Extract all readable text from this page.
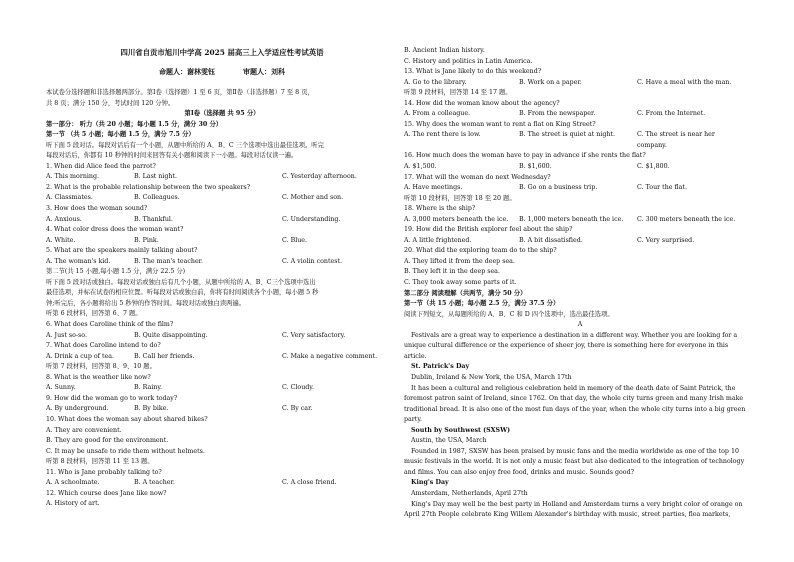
四川省自贡市旭川中学高 2025 届高三上入学适应性考试英语
命题人：谢林雯钰	审题人：刘科
本试卷分选择题和非选择题两部分。第Ⅰ卷（选择题）1 至 6 页，第Ⅱ卷（非选择题）7 至 8 页，
共 8 页；满分 150 分，考试时间 120 分钟。
第Ⅰ卷（选择题 共 95 分）
第一部分： 听力（共 20 小题；每小题 1.5 分，满分 30 分）
第一节 （共 5 小题；每小题 1.5 分，满分 7.5 分）
听下面 5 段对话。每段对话后有一个小题，从题中所给的 A、B、C 三个选项中选出最佳选项。听完
每段对话后，你都有 10 秒钟的时间来回答有关小题和阅读下一小题。每段对话仅读一遍。
1. When did Alice feed the parrot?
A. This morning.	B. Last night.	C. Yesterday afternoon.
2. What is the probable relationship between the two speakers?
A. Classmates.	B. Colleagues.	C. Mother and son.
3. How does the woman sound?
A. Anxious.	B. Thankful.	C. Understanding.
4. What color dress does the woman want?
A. White.	B. Pink.	C. Blue.
5. What are the speakers mainly talking about?
A. The woman's kid.	B. The man's teacher.	C. A violin contest.
第二节(共 15 小题,每小题 1.5 分，满分 22.5 分)
听下面 5 段对话或独白。每段对话或独白后有几个小题，从题中所给的 A、B、C三个选项中选出
最佳选项，并标在试卷的相应位置。听每段对话或独白前，你将有时间阅读各个小题，每小题 5 秒
钟;听完后，各小题将给出 5 秒钟的作答时间。每段对话或独白读两遍。
听第 6 段材料，回答第 6、7 题。
6. What does Caroline think of the film?
A. Just so-so.	B. Quite disappointing.	C. Very satisfactory.
7. What does Caroline intend to do?
A. Drink a cup of tea.	B. Call her friends.	C. Make a negative comment.
听第 7 段材料，回答第 8、9、10 题。
8. What is the weather like now?
A. Sunny.	B. Rainy.	C. Cloudy.
9. How did the woman go to work today?
A. By underground.	B. By bike.	C. By car.
10. What does the woman say about shared bikes?
A. They are convenient.
B. They are good for the environment.
C. It may be unsafe to ride them without helmets.
听第 8 段材料，回答第 11 至 13 题。
11. Who is Jane probably talking to?
A. A schoolmate.	B. A teacher.	C. A close friend.
12. Which course does Jane like now?
A. History of art.
B. Ancient Indian history.
C. History and politics in Latin America.
13. What is Jane likely to do this weekend?
A. Go to the library.	B. Work on a paper.	C. Have a meal with the man.
听第 9 段材料，回答第 14 至 17 题。
14. How did the woman know about the agency?
A. From a colleague.	B. From the newspaper.	C. From the Internet.
15. Why does the woman want to rent a flat on King Street?
A. The rent there is low.	B. The street is quiet at night.	C. The street is near her
company.
16. How much does the woman have to pay in advance if she rents the flat?
A. $1,500.	B. $1,600.	C. $1,800.
17. What will the woman do next Wednesday?
A. Have meetings.	B. Go on a business trip.	C. Tour the flat.
听第 10 段材料，回答第 18 至 20 题。
18. Where is the ship?
A. 3,000 meters beneath the ice.	B. 1,000 meters beneath the ice.	C. 300 meters beneath the ice.
19. How did the British explorer feel about the ship?
A. A little frightened.	B. A bit dissatisfied.	C. Very surprised.
20. What did the exploring team do to the ship?
A. They lifted it from the deep sea.
B. They left it in the deep sea.
C. They took away some parts of it.
第二部分 阅读理解（共两节，满分 50 分）
第一节（共 15 小题；每小题 2.5 分，满分 37.5 分）
阅读下列短文，从每题所给的 A、B、C 和 D 四个选项中，选出最佳选项。
A
Festivals are a great way to experience a destination in a different way. Whether you are looking for a
unique cultural difference or the experience of sheer joy, there is something here for everyone in this
article.
St. Patrick's Day
Dublin, Ireland & New York, the USA, March 17th
It has been a cultural and religious celebration held in memory of the death date of Saint Patrick, the
foremost patron saint of Ireland, since 1762. On that day, the whole city turns green and many Irish make
traditional bread. It is also one of the most fun days of the year, when the whole city turns into a big green
party.
South by Southwest (SXSW)
Austin, the USA, March
Founded in 1987, SXSW has been praised by music fans and the media worldwide as one of the top 10
music festivals in the world. It is not only a music feast but also dedicated to the integration of technology
and films. You can also enjoy free food, drinks and music. Sounds good?
King's Day
Amsterdam, Netherlands, April 27th
King's Day may well be the best party in Holland and Amsterdam turns a very bright color of orange on
April 27th People celebrate King Willem Alexander's birthday with music, street parties, flea markets,
